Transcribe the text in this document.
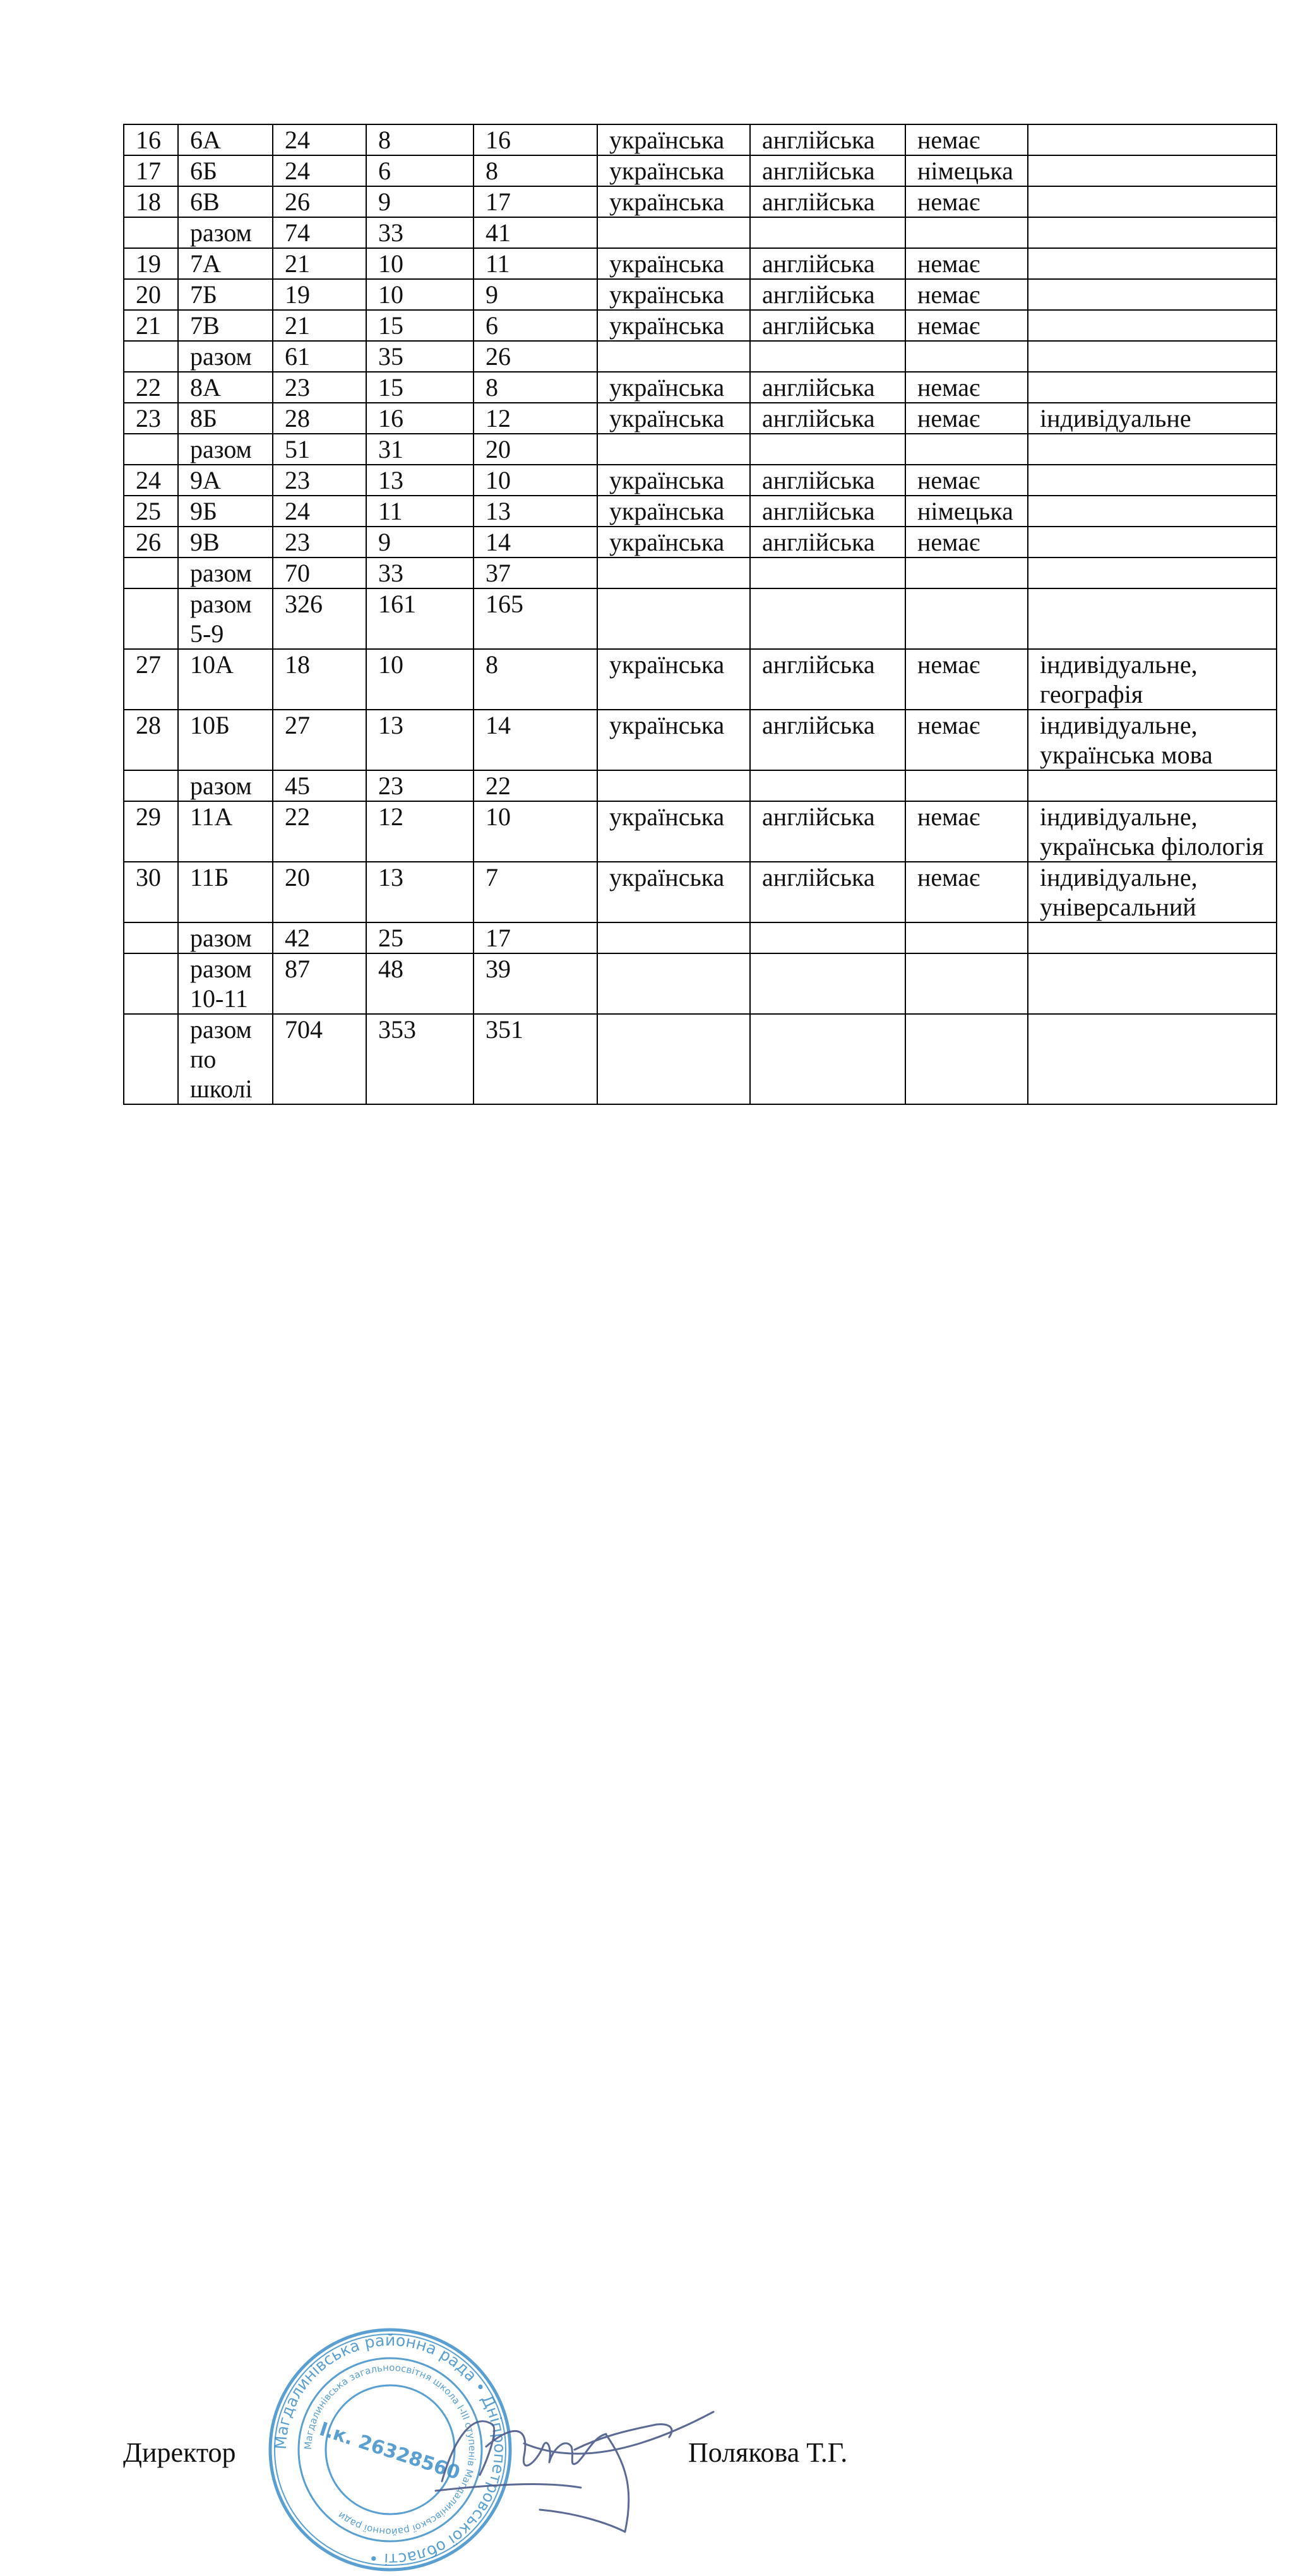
16	6А	24	8	16	українська	англійська	немає	
17	6Б	24	6	8	українська	англійська	німецька	
18	6В	26	9	17	українська	англійська	немає	
	разом	74	33	41				
19	7А	21	10	11	українська	англійська	немає	
20	7Б	19	10	9	українська	англійська	немає	
21	7В	21	15	6	українська	англійська	немає	
	разом	61	35	26				
22	8А	23	15	8	українська	англійська	немає	
23	8Б	28	16	12	українська	англійська	немає	індивідуальне
	разом	51	31	20				
24	9А	23	13	10	українська	англійська	немає	
25	9Б	24	11	13	українська	англійська	німецька	
26	9В	23	9	14	українська	англійська	немає	
	разом	70	33	37				
	разом 5-9	326	161	165				
27	10А	18	10	8	українська	англійська	немає	індивідуальне, географія
28	10Б	27	13	14	українська	англійська	немає	індивідуальне, українська мова
	разом	45	23	22				
29	11А	22	12	10	українська	англійська	немає	індивідуальне, українська філологія
30	11Б	20	13	7	українська	англійська	немає	індивідуальне, універсальний
	разом	42	25	17				
	разом 10-11	87	48	39				
	разом по школі	704	353	351				
Магдалинівська районна рада • Дніпропетровської області •
Магдалинівська загальноосвітня школа І-ІІІ ступенів Магдалинівської районної ради
І.к. 26328560
Директор	Полякова Т.Г.
